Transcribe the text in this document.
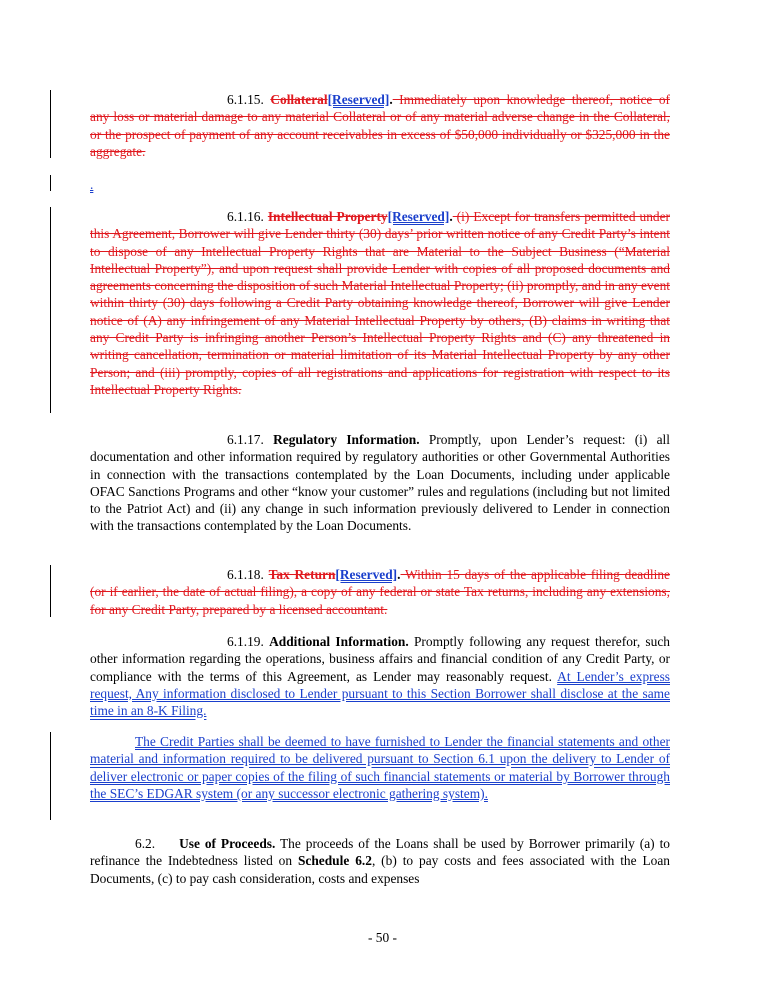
6.1.15. Collateral[Reserved]. Immediately upon knowledge thereof, notice of any loss or material damage to any material Collateral or of any material adverse change in the Collateral, or the prospect of payment of any account receivables in excess of $50,000 individually or $325,000 in the aggregate.
.
6.1.16. Intellectual Property[Reserved]. (i) Except for transfers permitted under this Agreement, Borrower will give Lender thirty (30) days’ prior written notice of any Credit Party’s intent to dispose of any Intellectual Property Rights that are Material to the Subject Business (“Material Intellectual Property”), and upon request shall provide Lender with copies of all proposed documents and agreements concerning the disposition of such Material Intellectual Property; (ii) promptly, and in any event within thirty (30) days following a Credit Party obtaining knowledge thereof, Borrower will give Lender notice of (A) any infringement of any Material Intellectual Property by others, (B) claims in writing that any Credit Party is infringing another Person’s Intellectual Property Rights and (C) any threatened in writing cancellation, termination or material limitation of its Material Intellectual Property by any other Person; and (iii) promptly, copies of all registrations and applications for registration with respect to its Intellectual Property Rights.
6.1.17. Regulatory Information. Promptly, upon Lender’s request: (i) all documentation and other information required by regulatory authorities or other Governmental Authorities in connection with the transactions contemplated by the Loan Documents, including under applicable OFAC Sanctions Programs and other “know your customer” rules and regulations (including but not limited to the Patriot Act) and (ii) any change in such information previously delivered to Lender in connection with the transactions contemplated by the Loan Documents.
6.1.18. Tax Return[Reserved]. Within 15 days of the applicable filing deadline (or if earlier, the date of actual filing), a copy of any federal or state Tax returns, including any extensions, for any Credit Party, prepared by a licensed accountant.
6.1.19. Additional Information. Promptly following any request therefor, such other information regarding the operations, business affairs and financial condition of any Credit Party, or compliance with the terms of this Agreement, as Lender may reasonably request. At Lender’s express request, Any information disclosed to Lender pursuant to this Section Borrower shall disclose at the same time in an 8-K Filing.
The Credit Parties shall be deemed to have furnished to Lender the financial statements and other material and information required to be delivered pursuant to Section 6.1 upon the delivery to Lender of deliver electronic or paper copies of the filing of such financial statements or material by Borrower through the SEC’s EDGAR system (or any successor electronic gathering system).
6.2. Use of Proceeds. The proceeds of the Loans shall be used by Borrower primarily (a) to refinance the Indebtedness listed on Schedule 6.2, (b) to pay costs and fees associated with the Loan Documents, (c) to pay cash consideration, costs and expenses
- 50 -
